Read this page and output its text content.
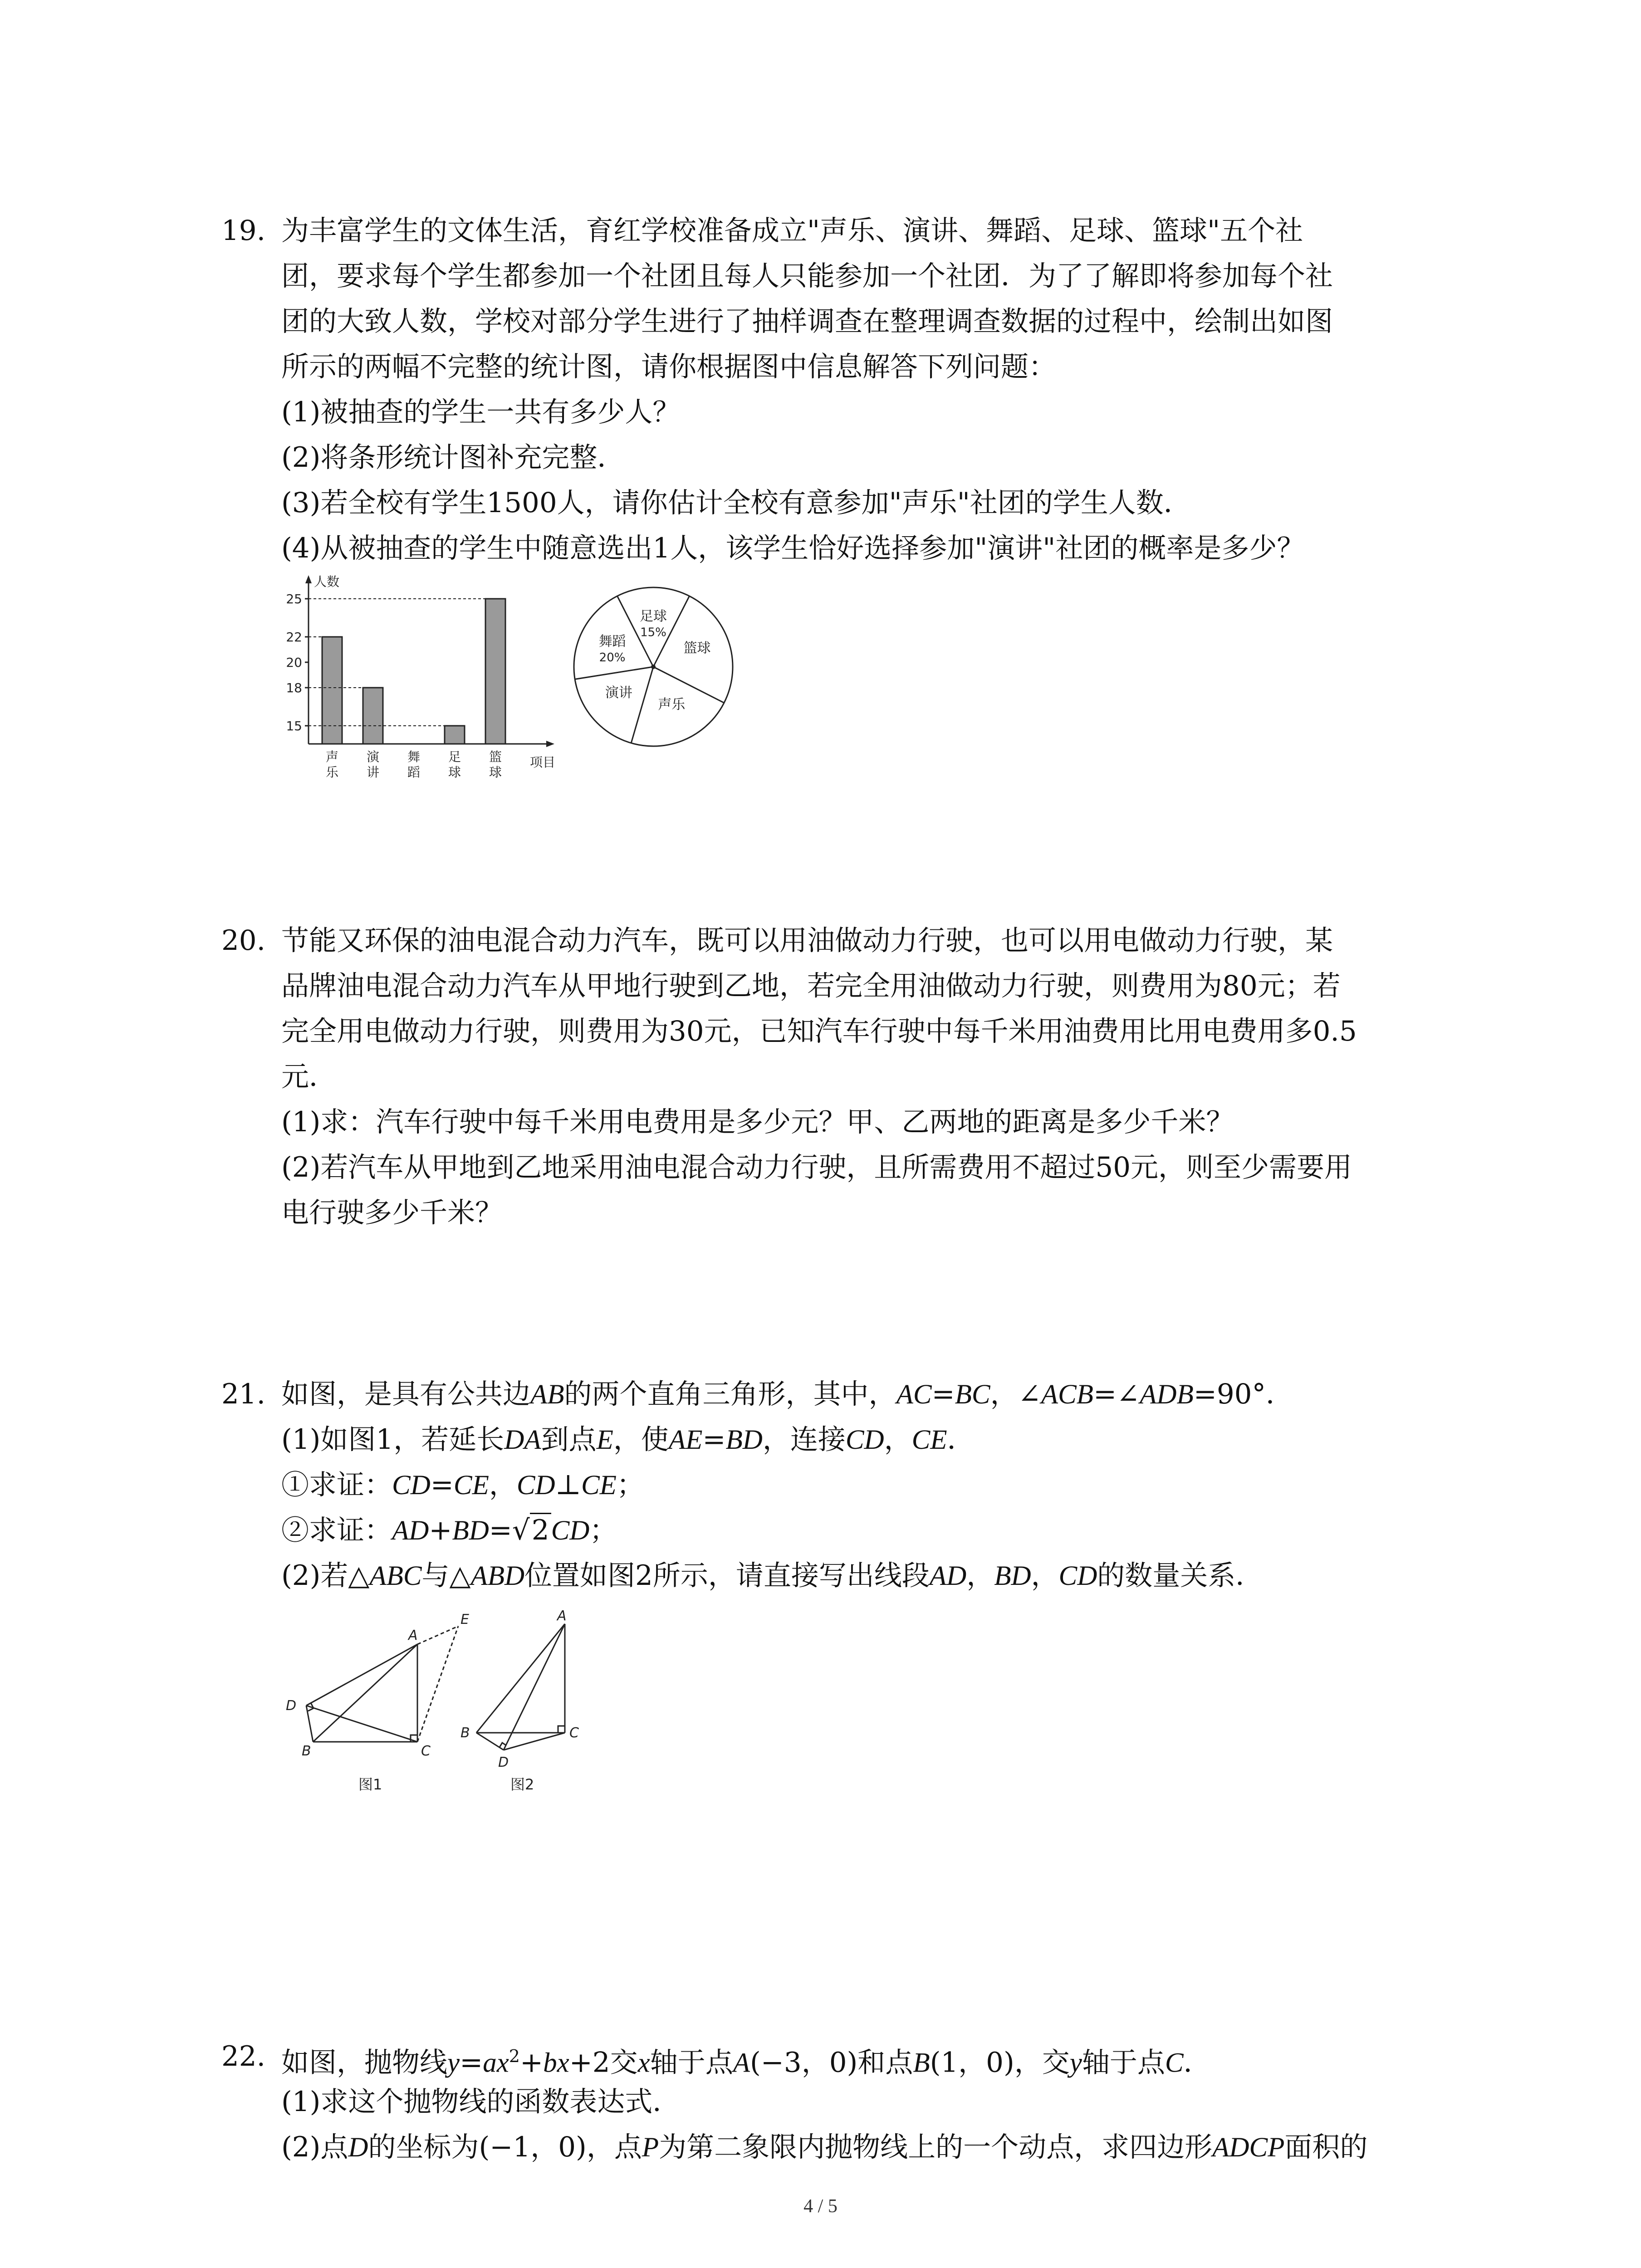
19. 为丰富学生的文体生活，育红学校准备成立"声乐、演讲、舞蹈、足球、篮球"五个社
团，要求每个学生都参加一个社团且每人只能参加一个社团．为了了解即将参加每个社
团的大致人数，学校对部分学生进行了抽样调查在整理调查数据的过程中，绘制出如图
所示的两幅不完整的统计图，请你根据图中信息解答下列问题：
(1)被抽查的学生一共有多少人？
(2)将条形统计图补充完整．
(3)若全校有学生1500人，请你估计全校有意参加"声乐"社团的学生人数．
(4)从被抽查的学生中随意选出1人，该学生恰好选择参加"演讲"社团的概率是多少？
人数
项目
15
18
20
22
25
声
乐
演
讲
舞
蹈
足
球
篮
球
足球
15%
篮球
声乐
演讲
舞蹈
20%
20. 节能又环保的油电混合动力汽车，既可以用油做动力行驶，也可以用电做动力行驶，某
品牌油电混合动力汽车从甲地行驶到乙地，若完全用油做动力行驶，则费用为80元；若
完全用电做动力行驶，则费用为30元，已知汽车行驶中每千米用油费用比用电费用多0.5
元．
(1)求：汽车行驶中每千米用电费用是多少元？甲、乙两地的距离是多少千米？
(2)若汽车从甲地到乙地采用油电混合动力行驶，且所需费用不超过50元，则至少需要用
电行驶多少千米？
21. 如图，是具有公共边AB的两个直角三角形，其中，AC=BC，∠ACB=∠ADB=90°．
(1)如图1，若延长DA到点E，使AE=BD，连接CD，CE．
①求证：CD=CE，CD⊥CE；
②求证：AD+BD=√2CD；
(2)若△ABC与△ABD位置如图2所示，请直接写出线段AD，BD，CD的数量关系．
A
B	C
D
E
图1
A
B	C
D
图2
22. 如图，抛物线$y=ax^2+bx+2$交x轴于点A(−3，0)和点B(1，0)，交y轴于点C．
(1)求这个抛物线的函数表达式．
(2)点D的坐标为(−1，0)，点P为第二象限内抛物线上的一个动点，求四边形ADCP面积的
4 / 5
